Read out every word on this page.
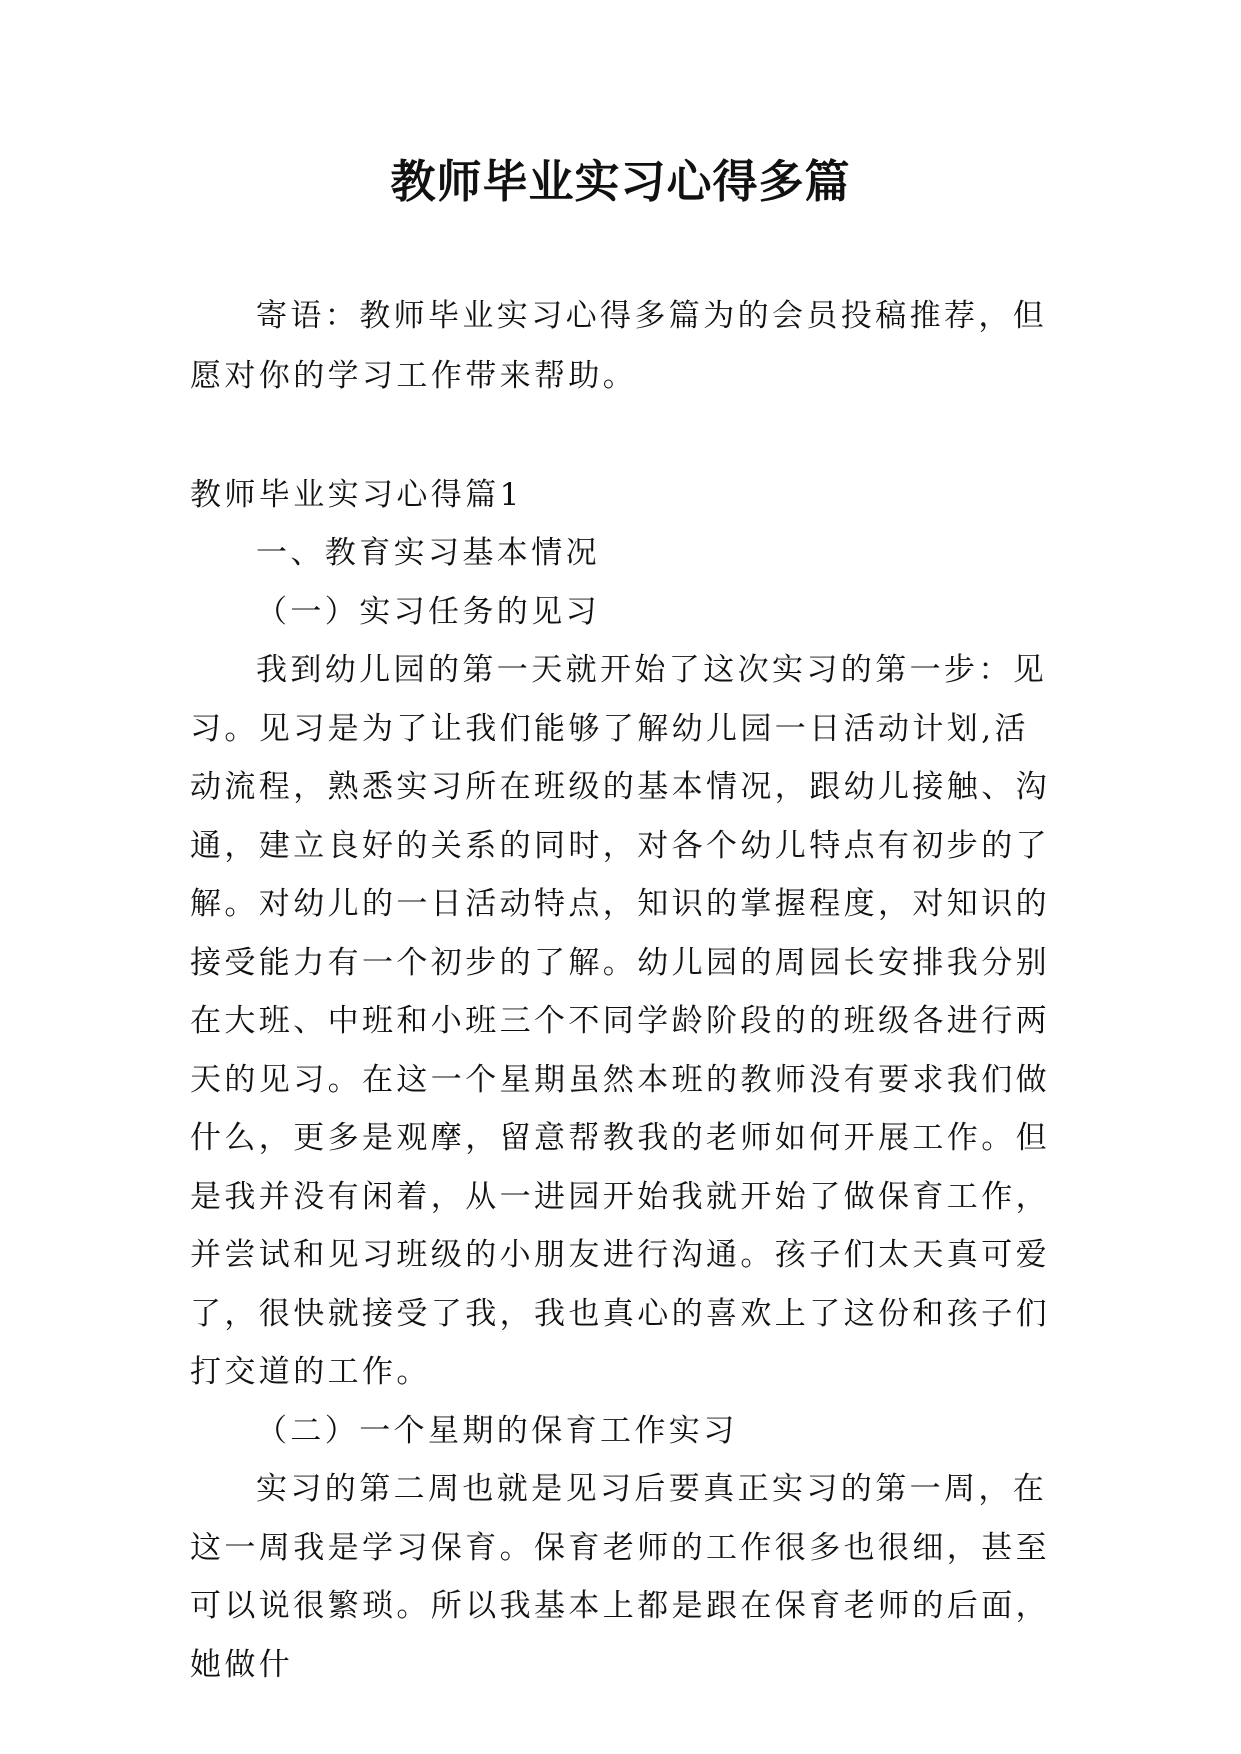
教师毕业实习心得多篇
寄语：教师毕业实习心得多篇为的会员投稿推荐，但愿对你的学习工作带来帮助。
教师毕业实习心得篇1

一、教育实习基本情况

（一）实习任务的见习

我到幼儿园的第一天就开始了这次实习的第一步：见习。见习是为了让我们能够了解幼儿园一日活动计划,活动流程，熟悉实习所在班级的基本情况，跟幼儿接触、沟通，建立良好的关系的同时，对各个幼儿特点有初步的了解。对幼儿的一日活动特点，知识的掌握程度，对知识的接受能力有一个初步的了解。幼儿园的周园长安排我分别在大班、中班和小班三个不同学龄阶段的的班级各进行两天的见习。在这一个星期虽然本班的教师没有要求我们做什么，更多是观摩，留意帮教我的老师如何开展工作。但是我并没有闲着，从一进园开始我就开始了做保育工作，并尝试和见习班级的小朋友进行沟通。孩子们太天真可爱了，很快就接受了我，我也真心的喜欢上了这份和孩子们打交道的工作。

（二）一个星期的保育工作实习

实习的第二周也就是见习后要真正实习的第一周，在这一周我是学习保育。保育老师的工作很多也很细，甚至可以说很繁琐。所以我基本上都是跟在保育老师的后面，她做什
